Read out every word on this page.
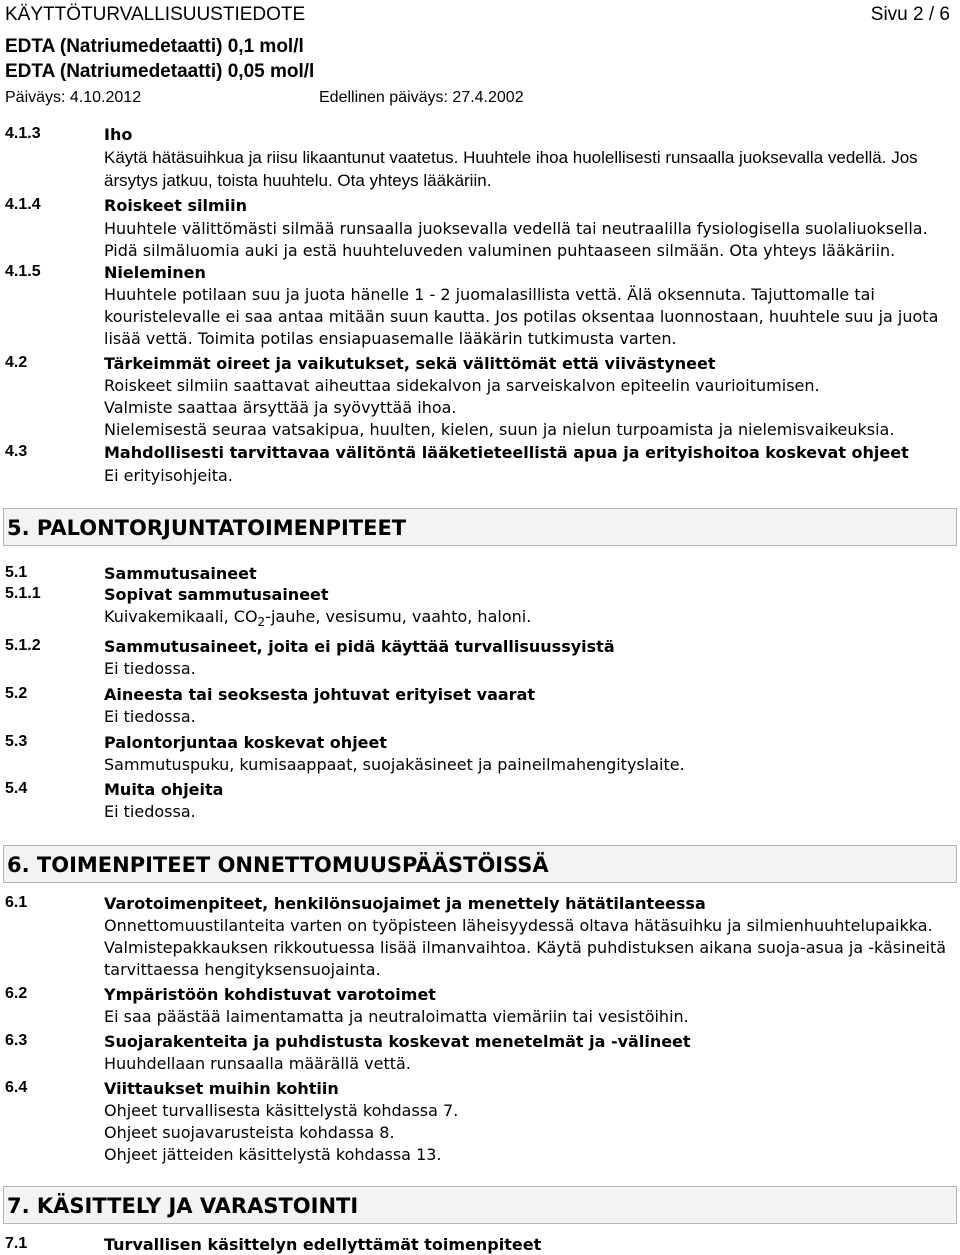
KÄYTTÖTURVALLISUUSTIEDOTE	Sivu 2 / 6
EDTA (Natriumedetaatti) 0,1 mol/l
EDTA (Natriumedetaatti) 0,05 mol/l
Päiväys: 4.10.2012	Edellinen päiväys: 27.4.2002
4.1.3	Iho
Käytä hätäsuihkua ja riisu likaantunut vaatetus. Huuhtele ihoa huolellisesti runsaalla juoksevalla vedellä. Jos ärsytys jatkuu, toista huuhtelu. Ota yhteys lääkäriin.
4.1.4	Roiskeet silmiin
Huuhtele välittömästi silmää runsaalla juoksevalla vedellä tai neutraalilla fysiologisella suolaliuoksella. Pidä silmäluomia auki ja estä huuhteluveden valuminen puhtaaseen silmään. Ota yhteys lääkäriin.
4.1.5	Nieleminen
Huuhtele potilaan suu ja juota hänelle 1 - 2 juomalasillista vettä. Älä oksennuta. Tajuttomalle tai kouristelevalle ei saa antaa mitään suun kautta. Jos potilas oksentaa luonnostaan, huuhtele suu ja juota lisää vettä. Toimita potilas ensiapuasemalle lääkärin tutkimusta varten.
4.2	Tärkeimmät oireet ja vaikutukset, sekä välittömät että viivästyneet
Roiskeet silmiin saattavat aiheuttaa sidekalvon ja sarveiskalvon epiteelin vaurioitumisen.
Valmiste saattaa ärsyttää ja syövyttää ihoa.
Nielemisestä seuraa vatsakipua, huulten, kielen, suun ja nielun turpoamista ja nielemisvaikeuksia.
4.3	Mahdollisesti tarvittavaa välitöntä lääketieteellistä apua ja erityishoitoa koskevat ohjeet
Ei erityisohjeita.
5. PALONTORJUNTATOIMENPITEET
5.1	Sammutusaineet
5.1.1	Sopivat sammutusaineet
Kuivakemikaali, $CO_2$-jauhe, vesisumu, vaahto, haloni.
5.1.2	Sammutusaineet, joita ei pidä käyttää turvallisuussyistä
Ei tiedossa.
5.2	Aineesta tai seoksesta johtuvat erityiset vaarat
Ei tiedossa.
5.3	Palontorjuntaa koskevat ohjeet
Sammutuspuku, kumisaappaat, suojakäsineet ja paineilmahengityslaite.
5.4	Muita ohjeita
Ei tiedossa.
6. TOIMENPITEET ONNETTOMUUSPÄÄSTÖISSÄ
6.1	Varotoimenpiteet, henkilönsuojaimet ja menettely hätätilanteessa
Onnettomuustilanteita varten on työpisteen läheisyydessä oltava hätäsuihku ja silmienhuuhtelupaikka.
Valmistepakkauksen rikkoutuessa lisää ilmanvaihtoa. Käytä puhdistuksen aikana suoja-asua ja -käsineitä tarvittaessa hengityksensuojainta.
6.2	Ympäristöön kohdistuvat varotoimet
Ei saa päästää laimentamatta ja neutraloimatta viemäriin tai vesistöihin.
6.3	Suojarakenteita ja puhdistusta koskevat menetelmät ja -välineet
Huuhdellaan runsaalla määrällä vettä.
6.4	Viittaukset muihin kohtiin
Ohjeet turvallisesta käsittelystä kohdassa 7.
Ohjeet suojavarusteista kohdassa 8.
Ohjeet jätteiden käsittelystä kohdassa 13.
7. KÄSITTELY JA VARASTOINTI
7.1	Turvallisen käsittelyn edellyttämät toimenpiteet
